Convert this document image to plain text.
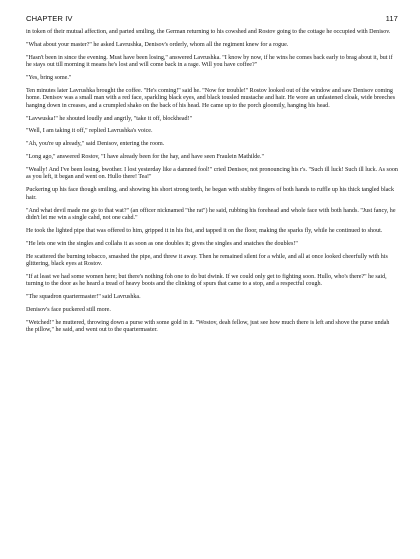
CHAPTER IV	117

in token of their mutual affection, and parted smiling, the German returning to his cowshed and Rostov going to the cottage he occupied with Denisov.

"What about your master?" he asked Lavrushka, Denisov's orderly, whom all the regiment knew for a rogue.

"Hasn't been in since the evening. Must have been losing," answered Lavrushka. "I know by now, if he wins he comes back early to brag about it, but if he stays out till morning it means he's lost and will come back in a rage. Will you have coffee?"

"Yes, bring some."

Ten minutes later Lavrushka brought the coffee. "He's coming!" said he. "Now for trouble!" Rostov looked out of the window and saw Denisov coming home. Denisov was a small man with a red face, sparkling black eyes, and black tousled mustache and hair. He wore an unfastened cloak, wide breeches hanging down in creases, and a crumpled shako on the back of his head. He came up to the porch gloomily, hanging his head.

"Lavwuska!" he shouted loudly and angrily, "take it off, blockhead!"

"Well, I am taking it off," replied Lavrushka's voice.

"Ah, you're up already," said Denisov, entering the room.

"Long ago," answered Rostov, "I have already been for the hay, and have seen Fraulein Mathilde."

"Weally! And I've been losing, bwother. I lost yesterday like a damned fool!" cried Denisov, not pronouncing his r's. "Such ill luck! Such ill luck. As soon as you left, it began and went on. Hullo there! Tea!"

Puckering up his face though smiling, and showing his short strong teeth, he began with stubby fingers of both hands to ruffle up his thick tangled black hair.

"And what devil made me go to that wat?" (an officer nicknamed "the rat") he said, rubbing his forehead and whole face with both hands. "Just fancy, he didn't let me win a single cahd, not one cahd."

He took the lighted pipe that was offered to him, gripped it in his fist, and tapped it on the floor, making the sparks fly, while he continued to shout.

"He lets one win the singles and collahs it as soon as one doubles it; gives the singles and snatches the doubles!"

He scattered the burning tobacco, smashed the pipe, and threw it away. Then he remained silent for a while, and all at once looked cheerfully with his glittering, black eyes at Rostov.

"If at least we had some women here; but there's nothing foh one to do but dwink. If we could only get to fighting soon. Hullo, who's there?" he said, turning to the door as he heard a tread of heavy boots and the clinking of spurs that came to a stop, and a respectful cough.

"The squadron quartermaster!" said Lavrushka.

Denisov's face puckered still more.

"Wetched!" he muttered, throwing down a purse with some gold in it. "Wostov, deah fellow, just see how much there is left and shove the purse undah the pillow," he said, and went out to the quartermaster.
